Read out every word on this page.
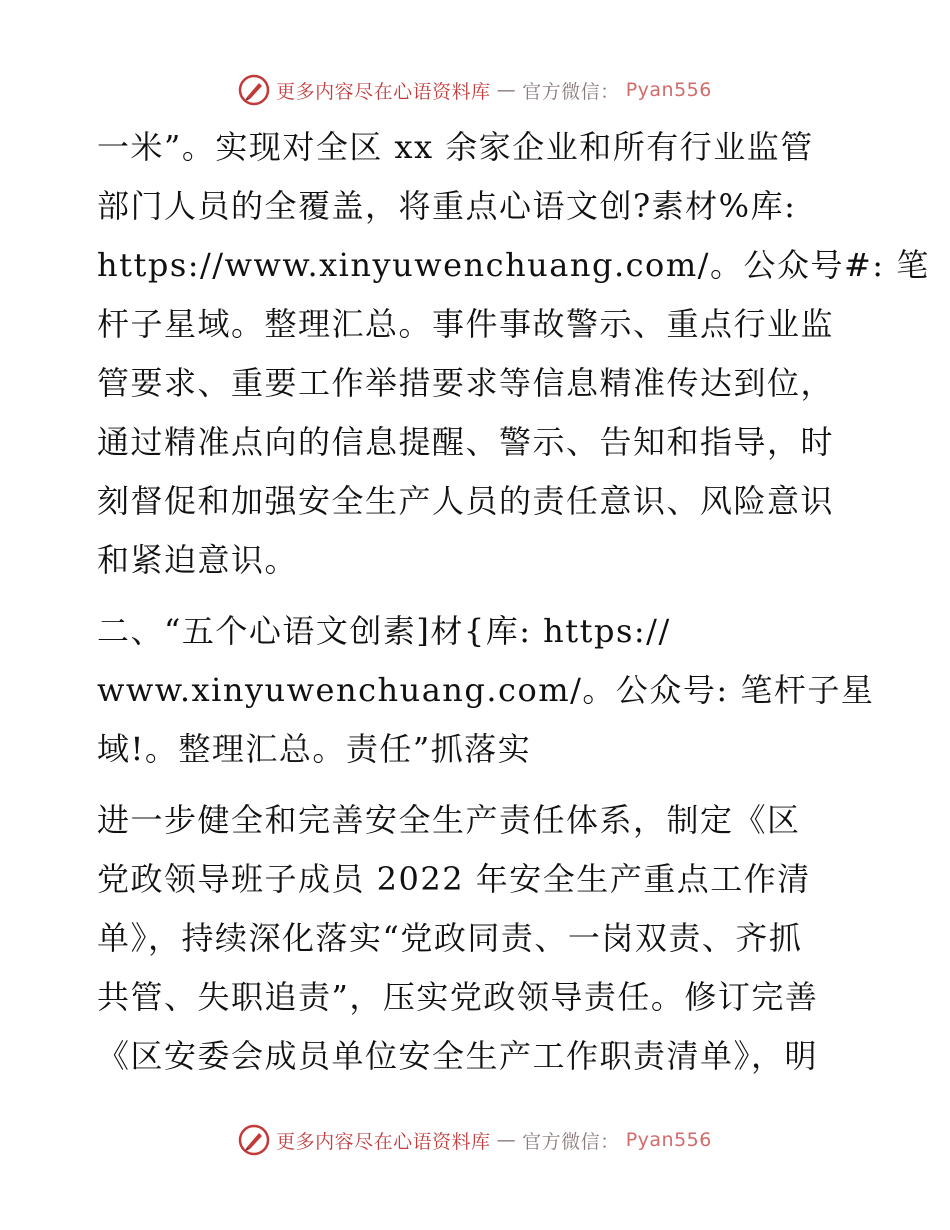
更多内容尽在心语资料库 — 官方微信： Pyan556
一米”。实现对全区 xx 余家企业和所有行业监管
部门人员的全覆盖，将重点心语文创?素材%库:
https://www.xinyuwenchuang.com/。公众号#: 笔
杆子星域。整理汇总。事件事故警示、重点行业监
管要求、重要工作举措要求等信息精准传达到位，
通过精准点向的信息提醒、警示、告知和指导，时
刻督促和加强安全生产人员的责任意识、风险意识
和紧迫意识。
二、“五个心语文创素]材{库: https://
www.xinyuwenchuang.com/。公众号: 笔杆子星
域!。整理汇总。责任”抓落实
进一步健全和完善安全生产责任体系，制定《区
党政领导班子成员 2022 年安全生产重点工作清
单》，持续深化落实“党政同责、一岗双责、齐抓
共管、失职追责”，压实党政领导责任。修订完善
《区安委会成员单位安全生产工作职责清单》，明
更多内容尽在心语资料库 — 官方微信： Pyan556
